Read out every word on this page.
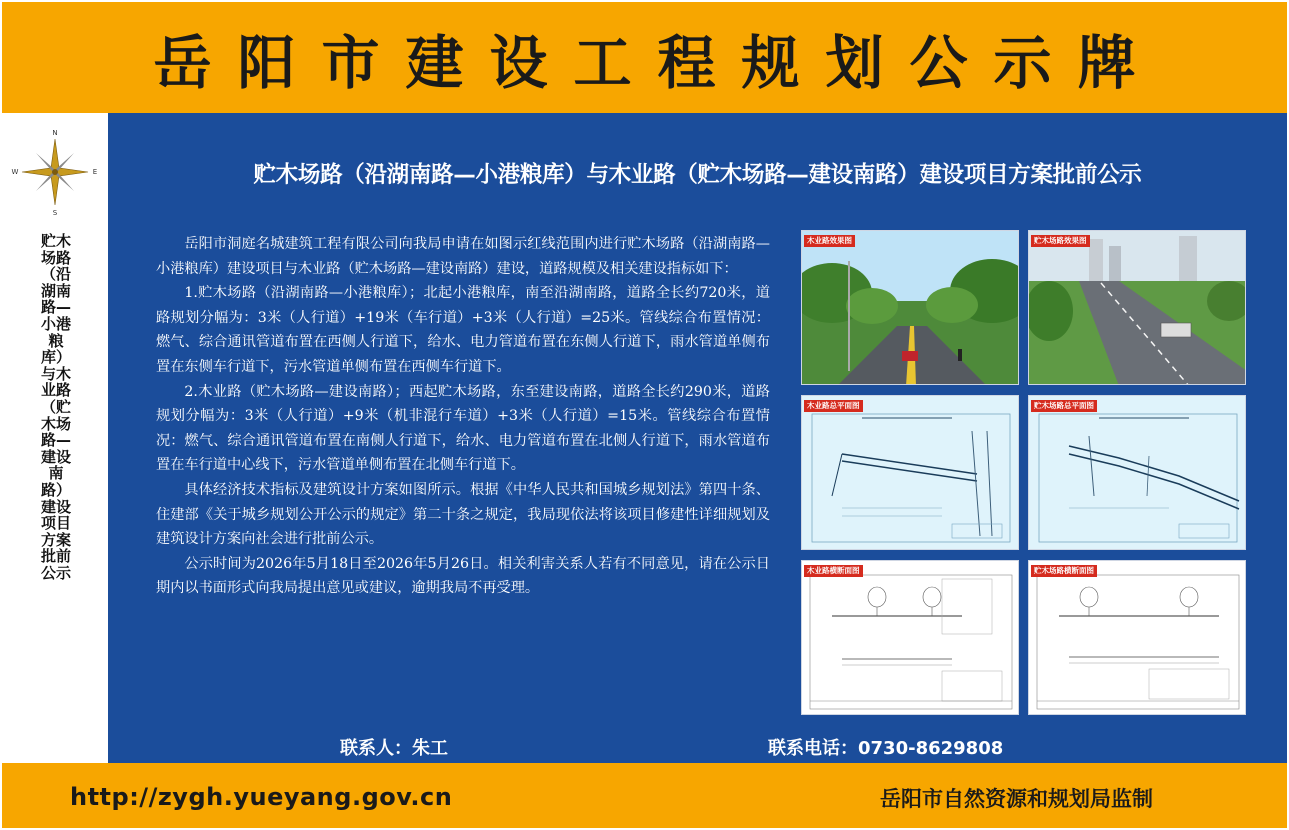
岳阳市建设工程规划公示牌
N
S
W	E
贮木场路（沿湖南路—小港粮库）与木业路（贮木场路—建设南路）建设项目方案批前公示
贮木场路（沿湖南路—小港粮库）与木业路（贮木场路—建设南路）建设项目方案批前公示

岳阳市洞庭名城建筑工程有限公司向我局申请在如图示红线范围内进行贮木场路（沿湖南路—小港粮库）建设项目与木业路（贮木场路—建设南路）建设，道路规模及相关建设指标如下：

1.贮木场路（沿湖南路—小港粮库）；北起小港粮库，南至沿湖南路，道路全长约720米，道路规划分幅为：3米（人行道）+19米（车行道）+3米（人行道）=25米。管线综合布置情况：燃气、综合通讯管道布置在西侧人行道下，给水、电力管道布置在东侧人行道下，雨水管道单侧布置在东侧车行道下，污水管道单侧布置在西侧车行道下。

2.木业路（贮木场路—建设南路）；西起贮木场路，东至建设南路，道路全长约290米，道路规划分幅为：3米（人行道）+9米（机非混行车道）+3米（人行道）=15米。管线综合布置情况：燃气、综合通讯管道布置在南侧人行道下，给水、电力管道布置在北侧人行道下，雨水管道布置在车行道中心线下，污水管道单侧布置在北侧车行道下。

具体经济技术指标及建筑设计方案如图所示。根据《中华人民共和国城乡规划法》第四十条、住建部《关于城乡规划公开公示的规定》第二十条之规定，我局现依法将该项目修建性详细规划及建筑设计方案向社会进行批前公示。

公示时间为2026年5月18日至2026年5月26日。相关利害关系人若有不同意见，请在公示日期内以书面形式向我局提出意见或建议，逾期我局不再受理。

木业路效果图	贮木场路效果图
木业路总平面图	贮木场路总平面图
木业路横断面图	贮木场路横断面图
联系人：朱工	联系电话：0730-8629808
http://zygh.yueyang.gov.cn	岳阳市自然资源和规划局监制
